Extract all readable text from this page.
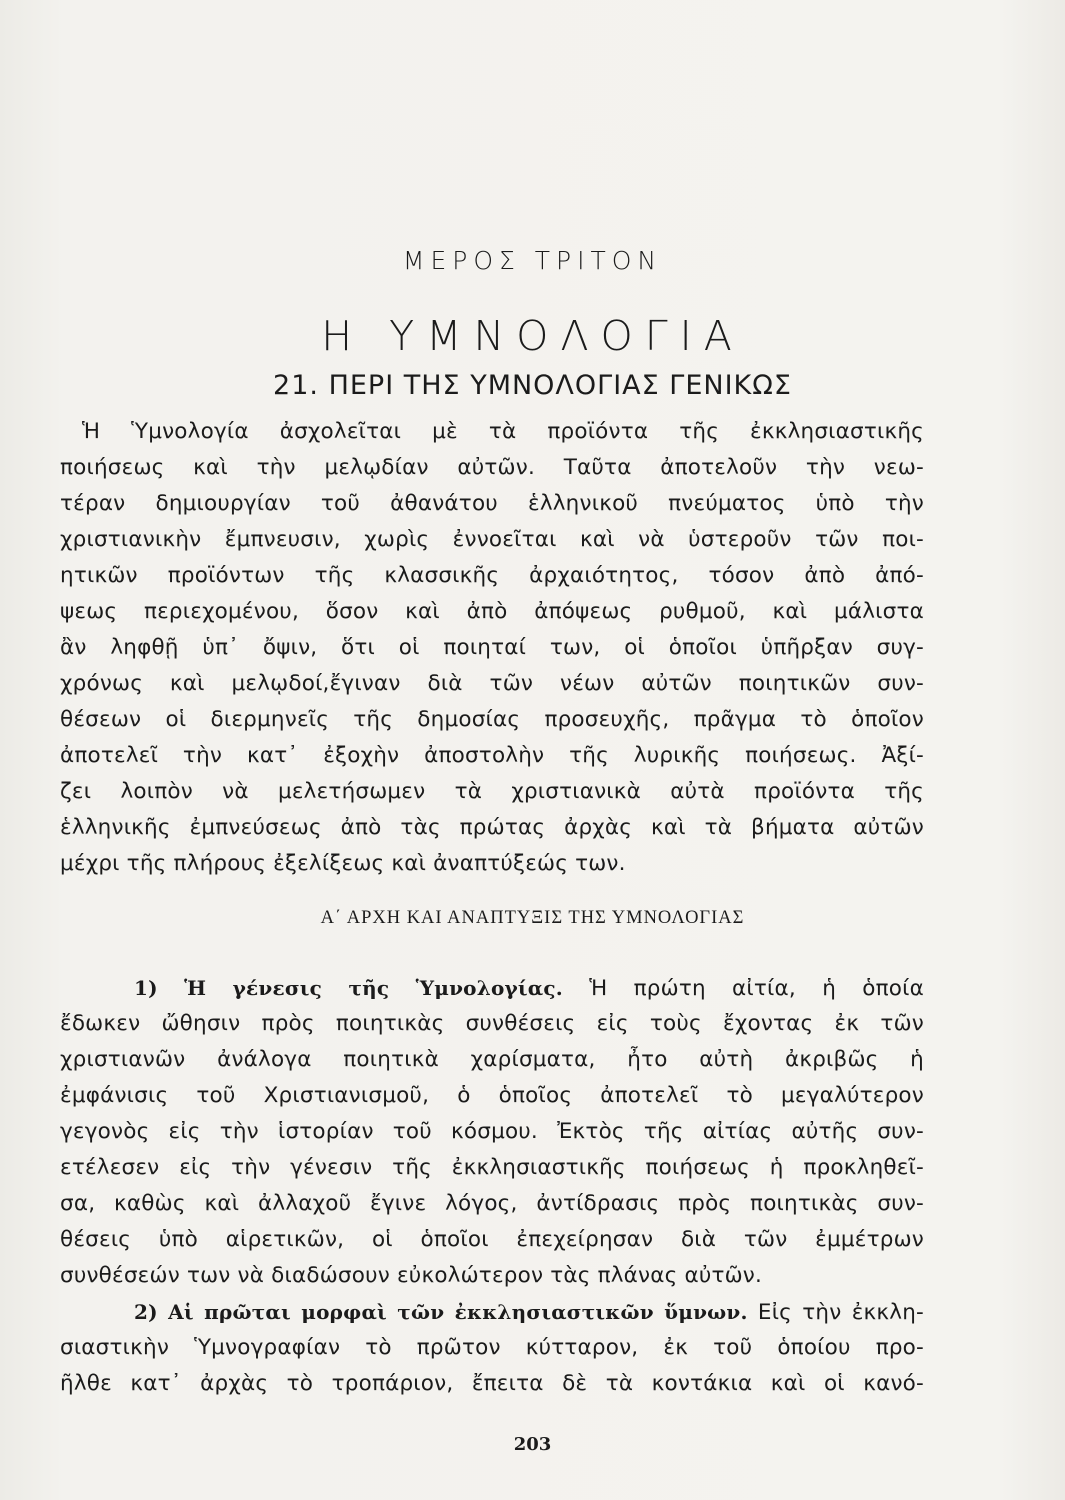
ΜΕΡΟΣ ΤΡΙΤΟΝ
Η ΥΜΝΟΛΟΓΙΑ
21. ΠΕΡΙ ΤΗΣ ΥΜΝΟΛΟΓΙΑΣ ΓΕΝΙΚΩΣ
Ἡ Ὑμνολογία ἀσχολεῖται μὲ τὰ προϊόντα τῆς ἐκκλησιαστικῆς
ποιήσεως καὶ τὴν μελῳδίαν αὐτῶν. Ταῦτα ἀποτελοῦν τὴν νεω-
τέραν δημιουργίαν τοῦ ἀθανάτου ἑλληνικοῦ πνεύματος ὑπὸ τὴν
χριστιανικὴν ἔμπνευσιν, χωρὶς ἐννοεῖται καὶ νὰ ὑστεροῦν τῶν ποι-
ητικῶν προϊόντων τῆς κλασσικῆς ἀρχαιότητος, τόσον ἀπὸ ἀπό-
ψεως περιεχομένου, ὅσον καὶ ἀπὸ ἀπόψεως ρυθμοῦ, καὶ μάλιστα
ἂν ληφθῇ ὑπ᾽ ὄψιν, ὅτι οἱ ποιηταί των, οἱ ὁποῖοι ὑπῆρξαν συγ-
χρόνως καὶ μελῳδοί,ἔγιναν διὰ τῶν νέων αὐτῶν ποιητικῶν συν-
θέσεων οἱ διερμηνεῖς τῆς δημοσίας προσευχῆς, πρᾶγμα τὸ ὁποῖον
ἀποτελεῖ τὴν κατ᾽ ἐξοχὴν ἀποστολὴν τῆς λυρικῆς ποιήσεως. Ἀξί-
ζει λοιπὸν νὰ μελετήσωμεν τὰ χριστιανικὰ αὐτὰ προϊόντα τῆς
ἑλληνικῆς ἐμπνεύσεως ἀπὸ τὰς πρώτας ἀρχὰς καὶ τὰ βήματα αὐτῶν
μέχρι τῆς πλήρους ἐξελίξεως καὶ ἀναπτύξεώς των.
Α΄ ΑΡΧΗ ΚΑΙ ΑΝΑΠΤΥΞΙΣ ΤΗΣ ΥΜΝΟΛΟΓΙΑΣ
1) Ἡ γένεσις τῆς Ὑμνολογίας. Ἡ πρώτη αἰτία, ἡ ὁποία
ἔδωκεν ὤθησιν πρὸς ποιητικὰς συνθέσεις εἰς τοὺς ἔχοντας ἐκ τῶν
χριστιανῶν ἀνάλογα ποιητικὰ χαρίσματα, ἦτο αὐτὴ ἀκριβῶς ἡ
ἐμφάνισις τοῦ Χριστιανισμοῦ, ὁ ὁποῖος ἀποτελεῖ τὸ μεγαλύτερον
γεγονὸς εἰς τὴν ἱστορίαν τοῦ κόσμου. Ἐκτὸς τῆς αἰτίας αὐτῆς συν-
ετέλεσεν εἰς τὴν γένεσιν τῆς ἐκκλησιαστικῆς ποιήσεως ἡ προκληθεῖ-
σα, καθὼς καὶ ἀλλαχοῦ ἔγινε λόγος, ἀντίδρασις πρὸς ποιητικὰς συν-
θέσεις ὑπὸ αἱρετικῶν, οἱ ὁποῖοι ἐπεχείρησαν διὰ τῶν ἐμμέτρων
συνθέσεών των νὰ διαδώσουν εὐκολώτερον τὰς πλάνας αὐτῶν.
2) Αἱ πρῶται μορφαὶ τῶν ἐκκλησιαστικῶν ὕμνων. Εἰς τὴν ἐκκλη-
σιαστικὴν Ὑμνογραφίαν τὸ πρῶτον κύτταρον, ἐκ τοῦ ὁποίου προ-
ῆλθε κατ᾽ ἀρχὰς τὸ τροπάριον, ἔπειτα δὲ τὰ κοντάκια καὶ οἱ κανό-
203
